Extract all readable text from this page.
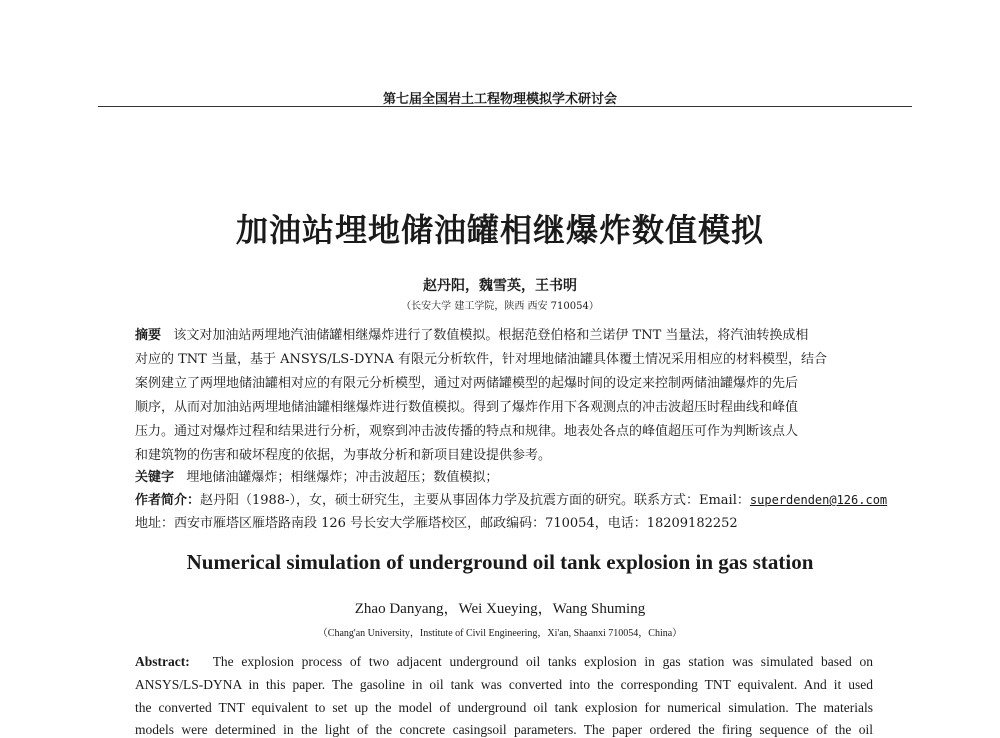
第七届全国岩土工程物理模拟学术研讨会
加油站埋地储油罐相继爆炸数值模拟
赵丹阳，魏雪英，王书明
（长安大学 建工学院，陕西 西安 710054）
摘要 该文对加油站两埋地汽油储罐相继爆炸进行了数值模拟。根据范登伯格和兰诺伊 TNT 当量法，将汽油转换成相
对应的 TNT 当量，基于 ANSYS/LS-DYNA 有限元分析软件，针对埋地储油罐具体覆土情况采用相应的材料模型，结合
案例建立了两埋地储油罐相对应的有限元分析模型，通过对两储罐模型的起爆时间的设定来控制两储油罐爆炸的先后
顺序，从而对加油站两埋地储油罐相继爆炸进行数值模拟。得到了爆炸作用下各观测点的冲击波超压时程曲线和峰值
压力。通过对爆炸过程和结果进行分析，观察到冲击波传播的特点和规律。地表处各点的峰值超压可作为判断该点人
和建筑物的伤害和破坏程度的依据，为事故分析和新项目建设提供参考。
关键字 埋地储油罐爆炸；相继爆炸；冲击波超压；数值模拟；
作者简介：赵丹阳（1988-），女，硕士研究生，主要从事固体力学及抗震方面的研究。联系方式：Email：superdenden@126.com
地址：西安市雁塔区雁塔路南段 126 号长安大学雁塔校区，邮政编码：710054，电话：18209182252
Numerical simulation of underground oil tank explosion in gas station
Zhao Danyang，Wei Xueying，Wang Shuming
（Chang'an University，Institute of Civil Engineering，Xi'an, Shaanxi 710054，China）
Abstract: The explosion process of two adjacent underground oil tanks explosion in gas station was simulated based on
ANSYS/LS-DYNA in this paper. The gasoline in oil tank was converted into the corresponding TNT equivalent. And it used
the converted TNT equivalent to set up the model of underground oil tank explosion for numerical simulation. The materials
models were determined in the light of the concrete casingsoil parameters. The paper ordered the firing sequence of the oil
